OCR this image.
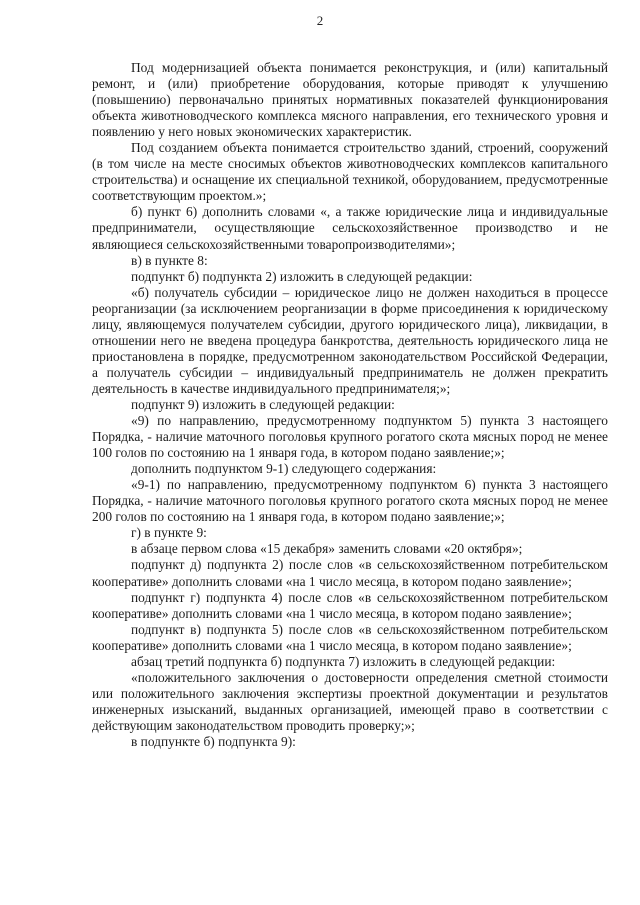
2

Под модернизацией объекта понимается реконструкция, и (или) капитальный ремонт, и (или) приобретение оборудования, которые приводят к улучшению (повышению) первоначально принятых нормативных показателей функционирования объекта животноводческого комплекса мясного направления, его технического уровня и появлению у него новых экономических характеристик.

Под созданием объекта понимается строительство зданий, строений, сооружений (в том числе на месте сносимых объектов животноводческих комплексов капитального строительства) и оснащение их специальной техникой, оборудованием, предусмотренные соответствующим проектом.»;

б) пункт 6) дополнить словами «, а также юридические лица и индивидуальные предприниматели, осуществляющие сельскохозяйственное производство и не являющиеся сельскохозяйственными товаропроизводителями»;

в) в пункте 8:

подпункт б) подпункта 2) изложить в следующей редакции:

«б) получатель субсидии – юридическое лицо не должен находиться в процессе реорганизации (за исключением реорганизации в форме присоединения к юридическому лицу, являющемуся получателем субсидии, другого юридического лица), ликвидации, в отношении него не введена процедура банкротства, деятельность юридического лица не приостановлена в порядке, предусмотренном законодательством Российской Федерации, а получатель субсидии – индивидуальный предприниматель не должен прекратить деятельность в качестве индивидуального предпринимателя;»;

подпункт 9) изложить в следующей редакции:

«9) по направлению, предусмотренному подпунктом 5) пункта 3 настоящего Порядка, - наличие маточного поголовья крупного рогатого скота мясных пород не менее 100 голов по состоянию на 1 января года, в котором подано заявление;»;

дополнить подпунктом 9-1) следующего содержания:

«9-1) по направлению, предусмотренному подпунктом 6) пункта 3 настоящего Порядка, - наличие маточного поголовья крупного рогатого скота мясных пород не менее 200 голов по состоянию на 1 января года, в котором подано заявление;»;

г) в пункте 9:

в абзаце первом слова «15 декабря» заменить словами «20 октября»;

подпункт д) подпункта 2) после слов «в сельскохозяйственном потребительском кооперативе» дополнить словами «на 1 число месяца, в котором подано заявление»;

подпункт г) подпункта 4) после слов «в сельскохозяйственном потребительском кооперативе» дополнить словами «на 1 число месяца, в котором подано заявление»;

подпункт в) подпункта 5) после слов «в сельскохозяйственном потребительском кооперативе» дополнить словами «на 1 число месяца, в котором подано заявление»;

абзац третий подпункта б) подпункта 7) изложить в следующей редакции:

«положительного заключения о достоверности определения сметной стоимости или положительного заключения экспертизы проектной документации и результатов инженерных изысканий, выданных организацией, имеющей право в соответствии с действующим законодательством проводить проверку;»;

в подпункте б) подпункта 9):
